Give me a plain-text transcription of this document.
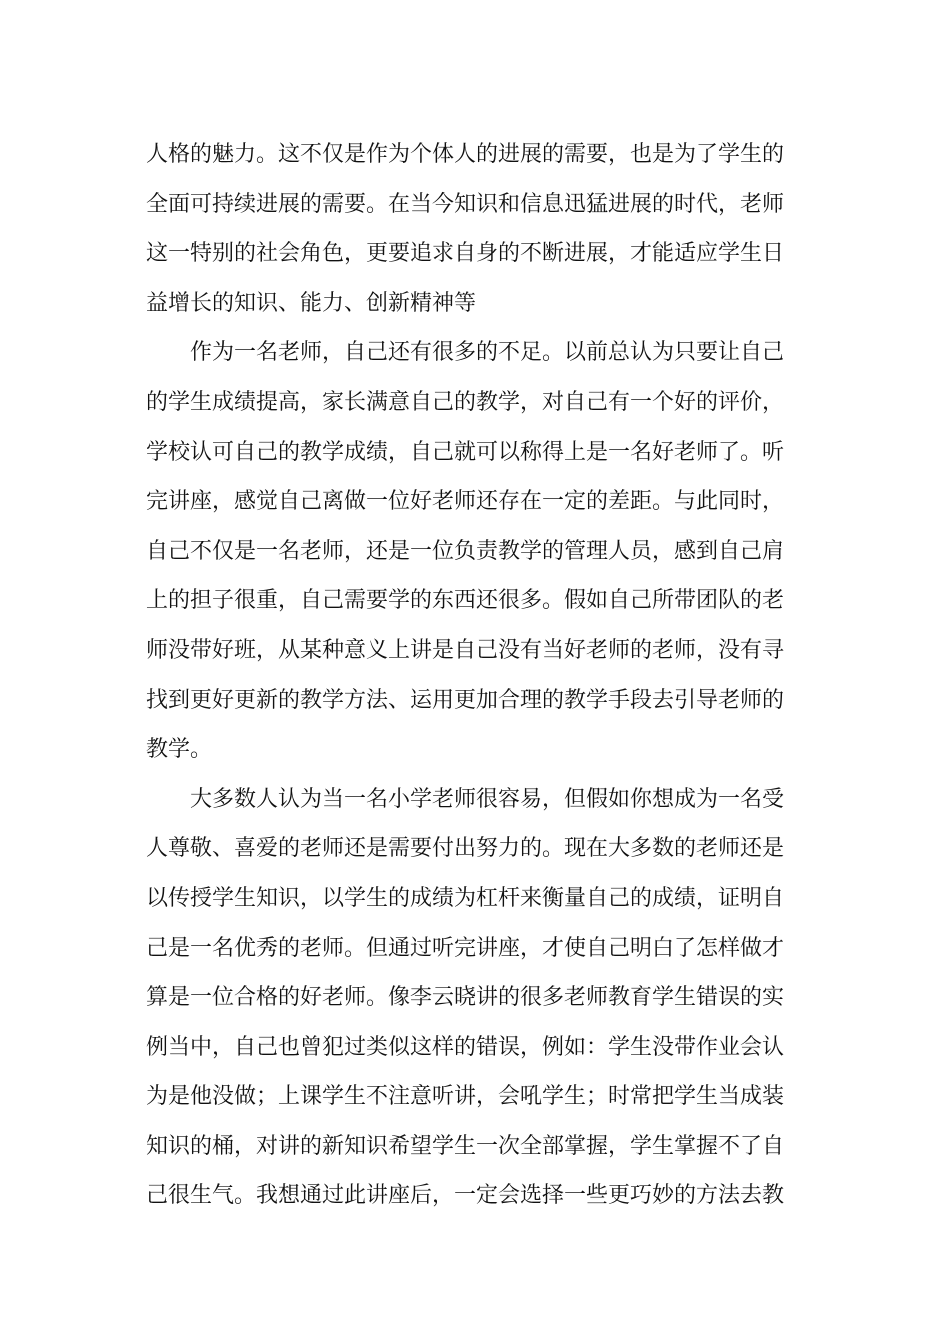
人格的魅力。这不仅是作为个体人的进展的需要，也是为了学生的
全面可持续进展的需要。在当今知识和信息迅猛进展的时代，老师
这一特别的社会角色，更要追求自身的不断进展，才能适应学生日
益增长的知识、能力、创新精神等
作为一名老师，自己还有很多的不足。以前总认为只要让自己
的学生成绩提高，家长满意自己的教学，对自己有一个好的评价，
学校认可自己的教学成绩，自己就可以称得上是一名好老师了。听
完讲座，感觉自己离做一位好老师还存在一定的差距。与此同时，
自己不仅是一名老师，还是一位负责教学的管理人员，感到自己肩
上的担子很重，自己需要学的东西还很多。假如自己所带团队的老
师没带好班，从某种意义上讲是自己没有当好老师的老师，没有寻
找到更好更新的教学方法、运用更加合理的教学手段去引导老师的
教学。
大多数人认为当一名小学老师很容易，但假如你想成为一名受
人尊敬、喜爱的老师还是需要付出努力的。现在大多数的老师还是
以传授学生知识，以学生的成绩为杠杆来衡量自己的成绩，证明自
己是一名优秀的老师。但通过听完讲座，才使自己明白了怎样做才
算是一位合格的好老师。像李云晓讲的很多老师教育学生错误的实
例当中，自己也曾犯过类似这样的错误，例如：学生没带作业会认
为是他没做；上课学生不注意听讲，会吼学生；时常把学生当成装
知识的桶，对讲的新知识希望学生一次全部掌握，学生掌握不了自
己很生气。我想通过此讲座后，一定会选择一些更巧妙的方法去教
